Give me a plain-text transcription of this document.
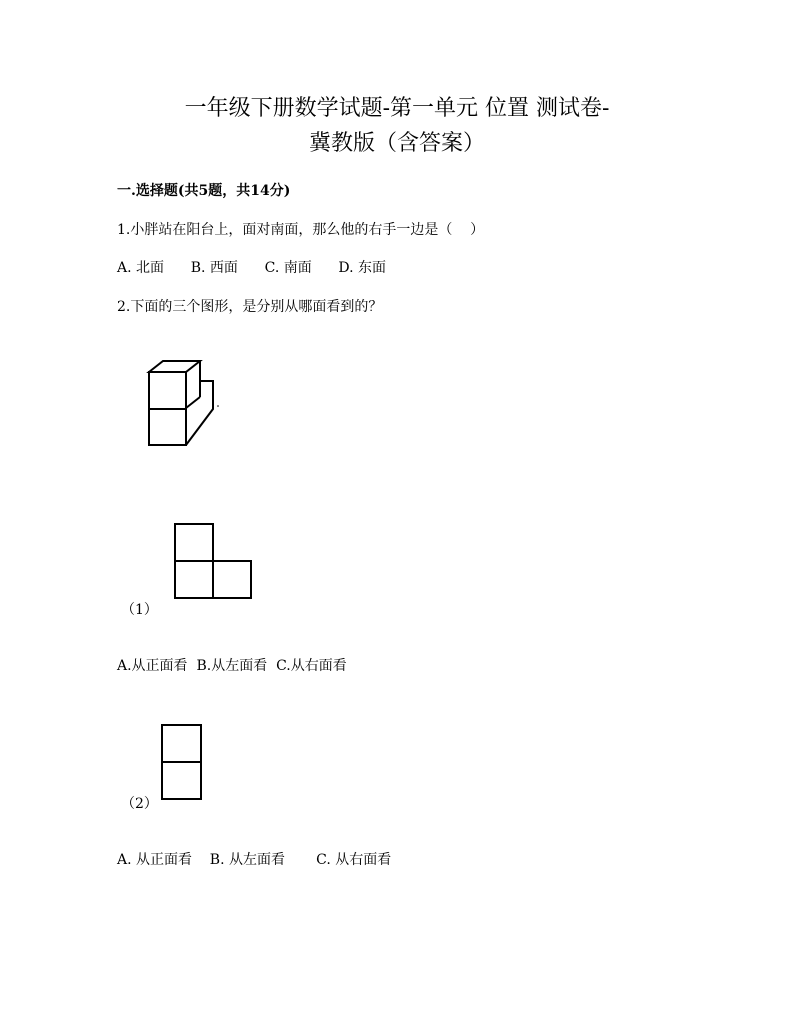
一年级下册数学试题-第一单元 位置 测试卷-
冀教版（含答案）
一.选择题(共5题，共14分)
1.小胖站在阳台上，面对南面，那么他的右手一边是（    ）
A. 北面      B. 西面      C. 南面      D. 东面
2.下面的三个图形，是分别从哪面看到的？
（1）
A.从正面看  B.从左面看  C.从右面看
（2）
A. 从正面看    B. 从左面看       C. 从右面看
